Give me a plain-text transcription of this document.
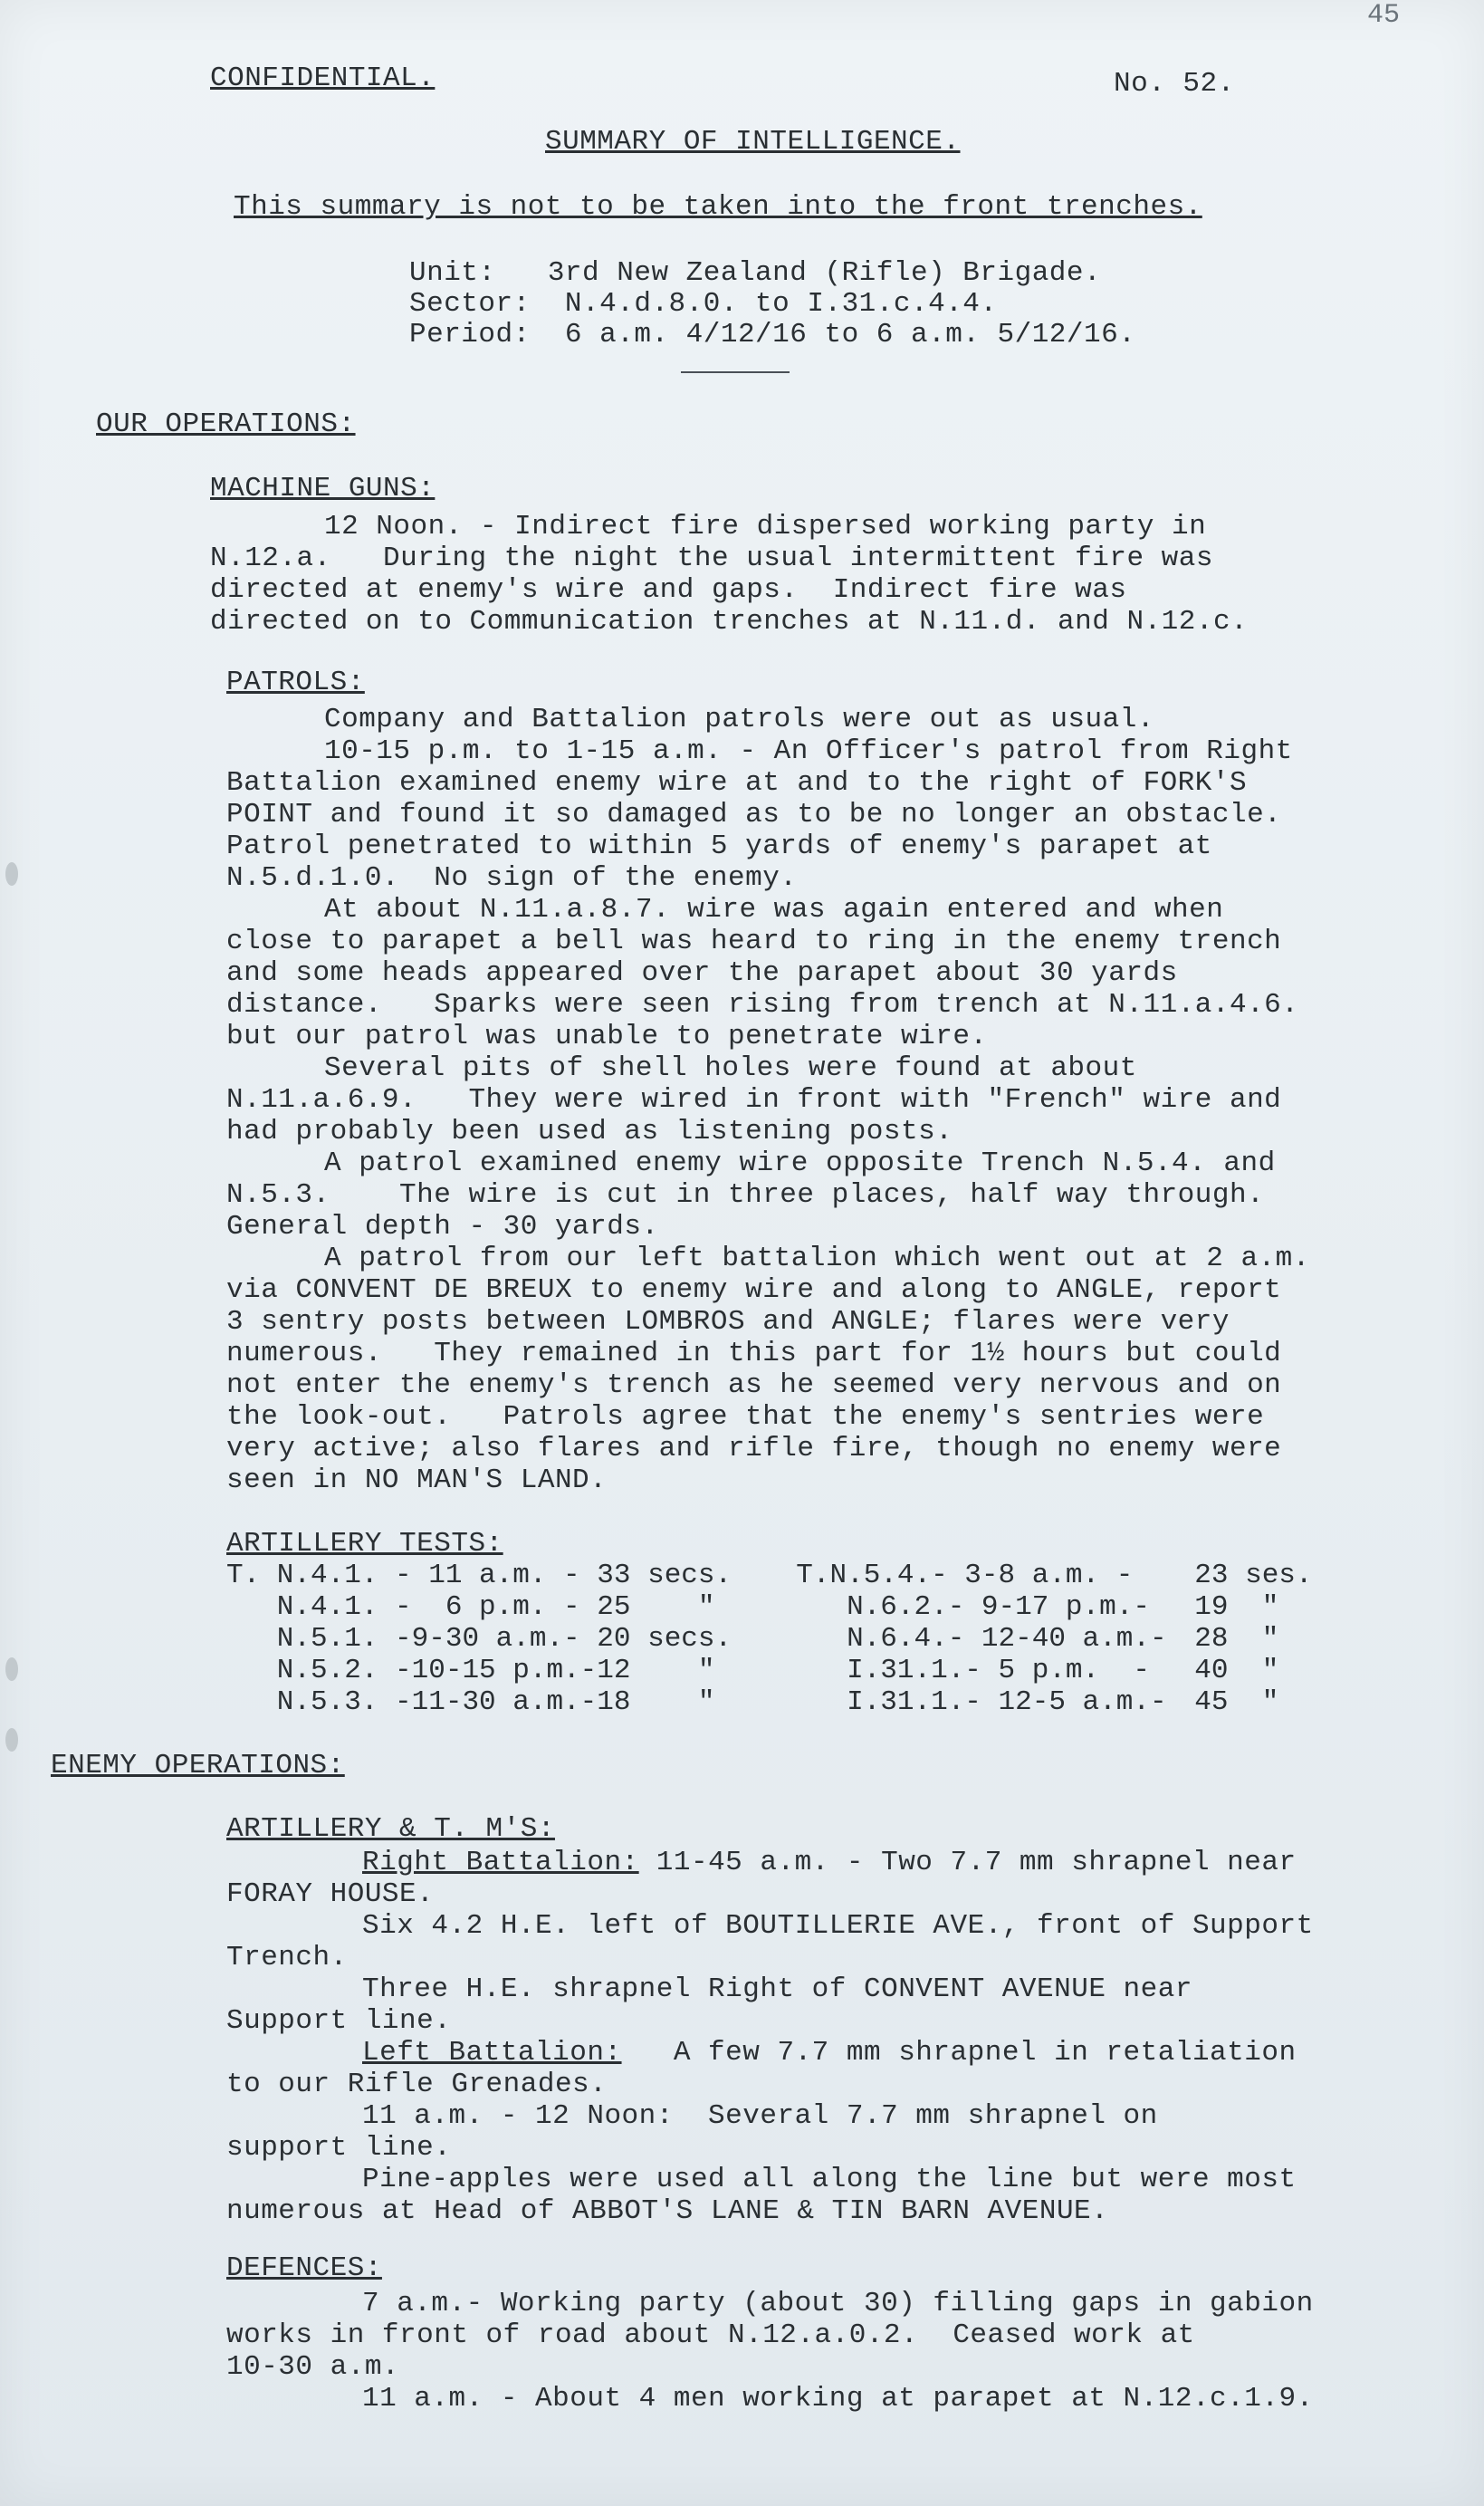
45
CONFIDENTIAL.	No. 52.
SUMMARY OF INTELLIGENCE.
This summary is not to be taken into the front trenches.
Unit:   3rd New Zealand (Rifle) Brigade.
Sector:  N.4.d.8.0. to I.31.c.4.4.
Period:  6 a.m. 4/12/16 to 6 a.m. 5/12/16.
OUR OPERATIONS:
MACHINE GUNS:
12 Noon. - Indirect fire dispersed working party in
N.12.a.   During the night the usual intermittent fire was
directed at enemy's wire and gaps.  Indirect fire was
directed on to Communication trenches at N.11.d. and N.12.c.
PATROLS:
Company and Battalion patrols were out as usual.
10-15 p.m. to 1-15 a.m. - An Officer's patrol from Right
Battalion examined enemy wire at and to the right of FORK'S
POINT and found it so damaged as to be no longer an obstacle.
Patrol penetrated to within 5 yards of enemy's parapet at
N.5.d.1.0.  No sign of the enemy.
At about N.11.a.8.7. wire was again entered and when
close to parapet a bell was heard to ring in the enemy trench
and some heads appeared over the parapet about 30 yards
distance.   Sparks were seen rising from trench at N.11.a.4.6.
but our patrol was unable to penetrate wire.
Several pits of shell holes were found at about
N.11.a.6.9.   They were wired in front with "French" wire and
had probably been used as listening posts.
A patrol examined enemy wire opposite Trench N.5.4. and
N.5.3.    The wire is cut in three places, half way through.
General depth - 30 yards.
A patrol from our left battalion which went out at 2 a.m.
via CONVENT DE BREUX to enemy wire and along to ANGLE, report
3 sentry posts between LOMBROS and ANGLE; flares were very
numerous.   They remained in this part for 1½ hours but could
not enter the enemy's trench as he seemed very nervous and on
the look-out.   Patrols agree that the enemy's sentries were
very active; also flares and rifle fire, though no enemy were
seen in NO MAN'S LAND.
ARTILLERY TESTS:
T. N.4.1. - 11 a.m. -	33 secs.	T.N.5.4.- 3-8 a.m. -	23 ses.
N.4.1. -  6 p.m. -	25    "	N.6.2.- 9-17 p.m.-	19  "
N.5.1. -9-30 a.m.-	20 secs.	N.6.4.- 12-40 a.m.-	28  "
N.5.2. -10-15 p.m.-	12    "	I.31.1.- 5 p.m.  -	40  "
N.5.3. -11-30 a.m.-	18    "	I.31.1.- 12-5 a.m.-	45  "
ENEMY OPERATIONS:
ARTILLERY & T. M'S:
Right Battalion: 11-45 a.m. - Two 7.7 mm shrapnel near
FORAY HOUSE.
Six 4.2 H.E. left of BOUTILLERIE AVE., front of Support
Trench.
Three H.E. shrapnel Right of CONVENT AVENUE near
Support line.
Left Battalion:   A few 7.7 mm shrapnel in retaliation
to our Rifle Grenades.
11 a.m. - 12 Noon:  Several 7.7 mm shrapnel on
support line.
Pine-apples were used all along the line but were most
numerous at Head of ABBOT'S LANE & TIN BARN AVENUE.
DEFENCES:
7 a.m.- Working party (about 30) filling gaps in gabion
works in front of road about N.12.a.0.2.  Ceased work at
10-30 a.m.
11 a.m. - About 4 men working at parapet at N.12.c.1.9.
